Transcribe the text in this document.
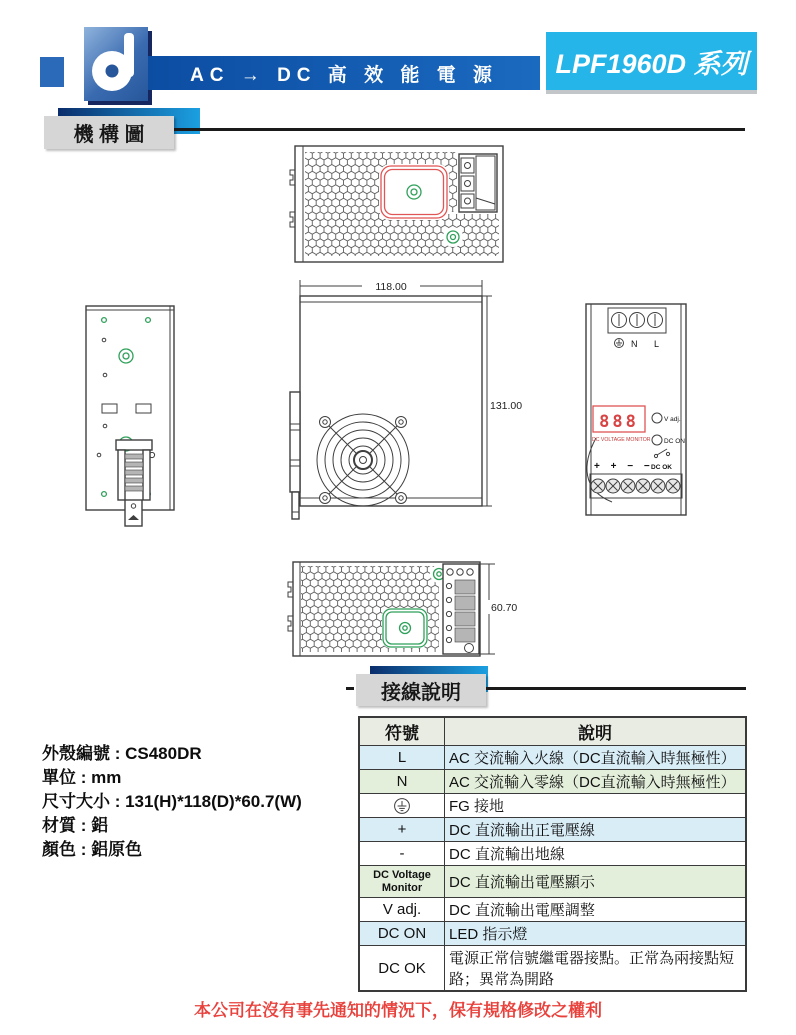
AC → DC 高 效 能 電 源 LPF1960D 系列
機 構 圖
118.00
131.00
N L
888
DC VOLTAGE MONITOR
V adj.
DC ON
+ + − −
DC OK
60.70
接線說明
外殼編號 : CS480DR
單位 : mm
尺寸大小 : 131(H)*118(D)*60.7(W)
材質 : 鋁
顏色 : 鋁原色
符號	說明
L	AC 交流輸入火線（DC直流輸入時無極性）
N	AC 交流輸入零線（DC直流輸入時無極性）
	FG 接地
+	DC 直流輸出正電壓線
-	DC 直流輸出地線

DC Voltage Monitor	DC 直流輸出電壓顯示
V adj.	DC 直流輸出電壓調整
DC ON	LED 指示燈
DC OK	電源正常信號繼電器接點。正常為兩接點短路；異常為開路
本公司在沒有事先通知的情況下，保有規格修改之權利
